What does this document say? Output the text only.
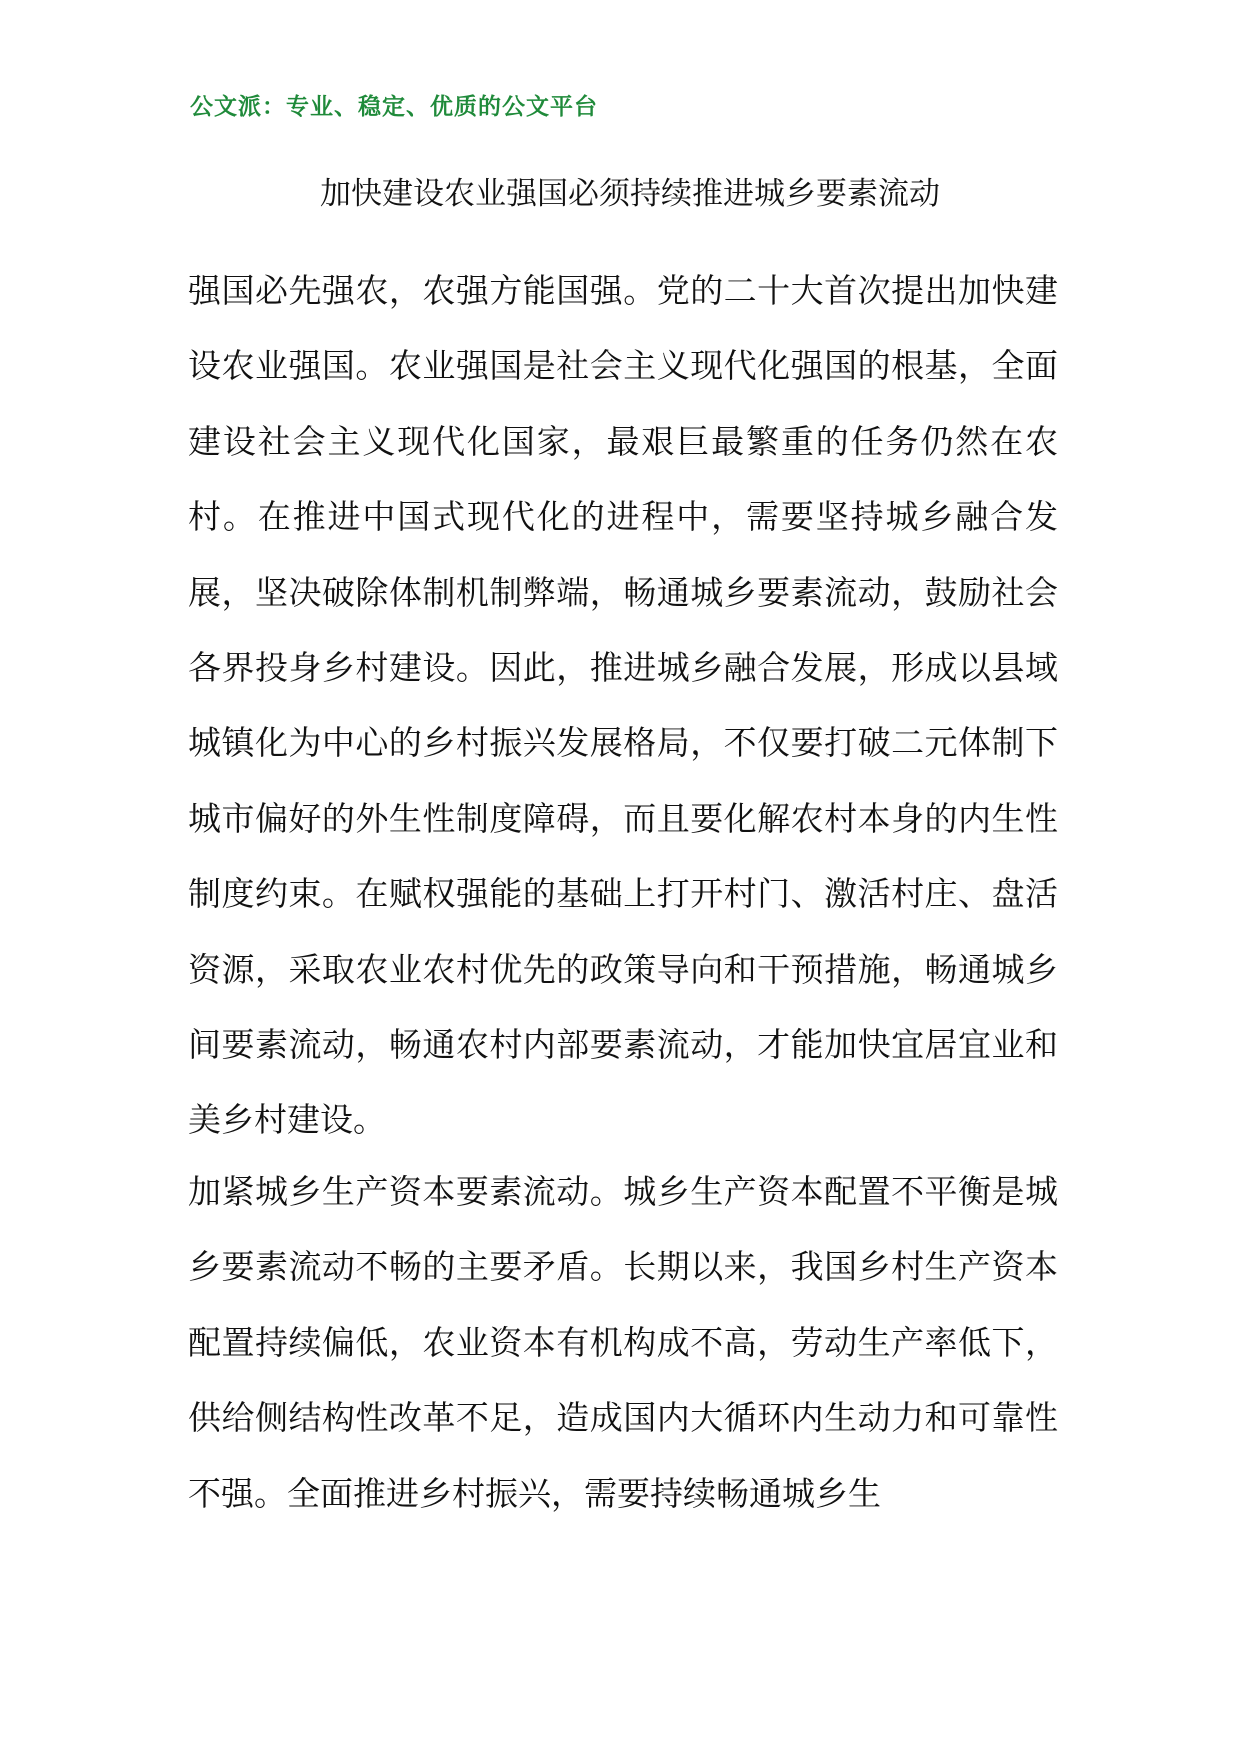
公文派：专业、稳定、优质的公文平台
加快建设农业强国必须持续推进城乡要素流动

强国必先强农，农强方能国强。党的二十大首次提出加快建设农业强国。农业强国是社会主义现代化强国的根基，全面建设社会主义现代化国家，最艰巨最繁重的任务仍然在农村。在推进中国式现代化的进程中，需要坚持城乡融合发展，坚决破除体制机制弊端，畅通城乡要素流动，鼓励社会各界投身乡村建设。因此，推进城乡融合发展，形成以县域城镇化为中心的乡村振兴发展格局，不仅要打破二元体制下城市偏好的外生性制度障碍，而且要化解农村本身的内生性制度约束。在赋权强能的基础上打开村门、激活村庄、盘活资源，采取农业农村优先的政策导向和干预措施，畅通城乡间要素流动，畅通农村内部要素流动，才能加快宜居宜业和美乡村建设。

加紧城乡生产资本要素流动。城乡生产资本配置不平衡是城乡要素流动不畅的主要矛盾。长期以来，我国乡村生产资本配置持续偏低，农业资本有机构成不高，劳动生产率低下，供给侧结构性改革不足，造成国内大循环内生动力和可靠性不强。全面推进乡村振兴，需要持续畅通城乡生
